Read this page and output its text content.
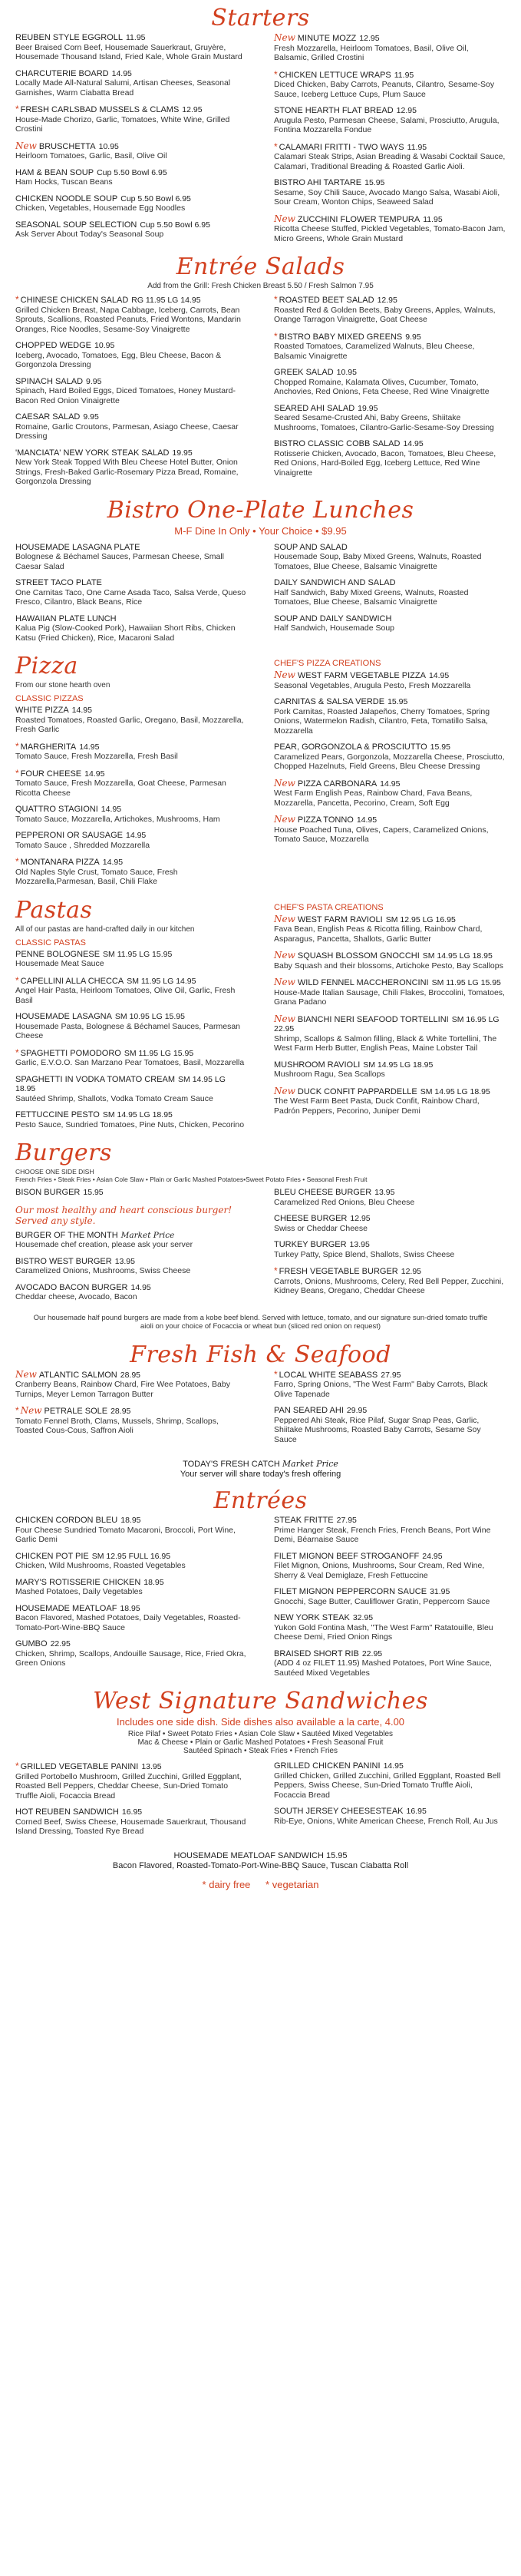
Starters
REUBEN STYLE EGGROLL 11.95
Beer Braised Corn Beef, Housemade Sauerkraut, Gruyère, Housemade Thousand Island, Fried Kale, Whole Grain Mustard
CHARCUTERIE BOARD 14.95
Locally Made All-Natural Salumi, Artisan Cheeses, Seasonal Garnishes, Warm Ciabatta Bread
* FRESH CARLSBAD MUSSELS & CLAMS 12.95
House-Made Chorizo, Garlic, Tomatoes, White Wine, Grilled Crostini
New BRUSCHETTA 10.95
Heirloom Tomatoes, Garlic, Basil, Olive Oil
HAM & BEAN SOUP Cup 5.50 Bowl 6.95
Ham Hocks, Tuscan Beans
CHICKEN NOODLE SOUP Cup 5.50 Bowl 6.95
Chicken, Vegetables, Housemade Egg Noodles
SEASONAL SOUP SELECTION Cup 5.50 Bowl 6.95
Ask Server About Today's Seasonal Soup
New MINUTE MOZZ 12.95
Fresh Mozzarella, Heirloom Tomatoes, Basil, Olive Oil, Balsamic, Grilled Crostini
* CHICKEN LETTUCE WRAPS 11.95
Diced Chicken, Baby Carrots, Peanuts, Cilantro, Sesame-Soy Sauce, Iceberg Lettuce Cups, Plum Sauce
STONE HEARTH FLAT BREAD 12.95
Arugula Pesto, Parmesan Cheese, Salami, Prosciutto, Arugula, Fontina Mozzarella Fondue
* CALAMARI FRITTI - TWO WAYS 11.95
Calamari Steak Strips, Asian Breading & Wasabi Cocktail Sauce, Calamari, Traditional Breading & Roasted Garlic Aioli.
BISTRO AHI TARTARE 15.95
Sesame, Soy Chili Sauce, Avocado Mango Salsa, Wasabi Aioli, Sour Cream, Wonton Chips, Seaweed Salad
New ZUCCHINI FLOWER TEMPURA 11.95
Ricotta Cheese Stuffed, Pickled Vegetables, Tomato-Bacon Jam, Micro Greens, Whole Grain Mustard
Entrée Salads
Add from the Grill: Fresh Chicken Breast 5.50 / Fresh Salmon 7.95
* CHINESE CHICKEN SALAD RG 11.95 LG 14.95
Grilled Chicken Breast, Napa Cabbage, Iceberg, Carrots, Bean Sprouts, Scallions, Roasted Peanuts, Fried Wontons, Mandarin Oranges, Rice Noodles, Sesame-Soy Vinaigrette
CHOPPED WEDGE 10.95
Iceberg, Avocado, Tomatoes, Egg, Bleu Cheese, Bacon & Gorgonzola Dressing
SPINACH SALAD 9.95
Spinach, Hard Boiled Eggs, Diced Tomatoes, Honey Mustard-Bacon Red Onion Vinaigrette
CAESAR SALAD 9.95
Romaine, Garlic Croutons, Parmesan, Asiago Cheese, Caesar Dressing
'MANCIATA' NEW YORK STEAK SALAD 19.95
New York Steak Topped With Bleu Cheese Hotel Butter, Onion Strings, Fresh-Baked Garlic-Rosemary Pizza Bread, Romaine, Gorgonzola Dressing
* ROASTED BEET SALAD 12.95
Roasted Red & Golden Beets, Baby Greens, Apples, Walnuts, Orange Tarragon Vinaigrette, Goat Cheese
* BISTRO BABY MIXED GREENS 9.95
Roasted Tomatoes, Caramelized Walnuts, Bleu Cheese, Balsamic Vinaigrette
GREEK SALAD 10.95
Chopped Romaine, Kalamata Olives, Cucumber, Tomato, Anchovies, Red Onions, Feta Cheese, Red Wine Vinaigrette
SEARED AHI SALAD 19.95
Seared Sesame-Crusted Ahi, Baby Greens, Shiitake Mushrooms, Tomatoes, Cilantro-Garlic-Sesame-Soy Dressing
BISTRO CLASSIC COBB SALAD 14.95
Rotisserie Chicken, Avocado, Bacon, Tomatoes, Bleu Cheese, Red Onions, Hard-Boiled Egg, Iceberg Lettuce, Red Wine Vinaigrette
Bistro One-Plate Lunches
M-F Dine In Only • Your Choice • $9.95
HOUSEMADE LASAGNA PLATE
Bolognese & Béchamel Sauces, Parmesan Cheese, Small Caesar Salad
STREET TACO PLATE
One Carnitas Taco, One Carne Asada Taco, Salsa Verde, Queso Fresco, Cilantro, Black Beans, Rice
HAWAIIAN PLATE LUNCH
Kalua Pig (Slow-Cooked Pork), Hawaiian Short Ribs, Chicken Katsu (Fried Chicken), Rice, Macaroni Salad
SOUP AND SALAD
Housemade Soup, Baby Mixed Greens, Walnuts, Roasted Tomatoes, Blue Cheese, Balsamic Vinaigrette
DAILY SANDWICH AND SALAD
Half Sandwich, Baby Mixed Greens, Walnuts, Roasted Tomatoes, Blue Cheese, Balsamic Vinaigrette
SOUP AND DAILY SANDWICH
Half Sandwich, Housemade Soup
Pizza
From our stone hearth oven
CLASSIC PIZZAS
WHITE PIZZA 14.95
Roasted Tomatoes, Roasted Garlic, Oregano, Basil, Mozzarella, Fresh Garlic
* MARGHERITA 14.95
Tomato Sauce, Fresh Mozzarella, Fresh Basil
* FOUR CHEESE 14.95
Tomato Sauce, Fresh Mozzarella, Goat Cheese, Parmesan Ricotta Cheese
QUATTRO STAGIONI 14.95
Tomato Sauce, Mozzarella, Artichokes, Mushrooms, Ham
PEPPERONI OR SAUSAGE 14.95
Tomato Sauce , Shredded Mozzarella
* MONTANARA PIZZA 14.95
Old Naples Style Crust, Tomato Sauce, Fresh Mozzarella,Parmesan, Basil, Chili Flake
CHEF'S PIZZA CREATIONS
New WEST FARM VEGETABLE PIZZA 14.95
Seasonal Vegetables, Arugula Pesto, Fresh Mozzarella
CARNITAS & SALSA VERDE 15.95
Pork Carnitas, Roasted Jalapeños, Cherry Tomatoes, Spring Onions, Watermelon Radish, Cilantro, Feta, Tomatillo Salsa, Mozzarella
PEAR, GORGONZOLA & PROSCIUTTO 15.95
Caramelized Pears, Gorgonzola, Mozzarella Cheese, Prosciutto, Chopped Hazelnuts, Field Greens, Bleu Cheese Dressing
New PIZZA CARBONARA 14.95
West Farm English Peas, Rainbow Chard, Fava Beans, Mozzarella, Pancetta, Pecorino, Cream, Soft Egg
New PIZZA TONNO 14.95
House Poached Tuna, Olives, Capers, Caramelized Onions, Tomato Sauce, Mozzarella
Pastas
All of our pastas are hand-crafted daily in our kitchen
CLASSIC PASTAS
PENNE BOLOGNESE SM 11.95 LG 15.95
Housemade Meat Sauce
* CAPELLINI ALLA CHECCA SM 11.95 LG 14.95
Angel Hair Pasta, Heirloom Tomatoes, Olive Oil, Garlic, Fresh Basil
HOUSEMADE LASAGNA SM 10.95 LG 15.95
Housemade Pasta, Bolognese & Béchamel Sauces, Parmesan Cheese
* SPAGHETTI POMODORO SM 11.95 LG 15.95
Garlic, E.V.O.O. San Marzano Pear Tomatoes, Basil, Mozzarella
SPAGHETTI IN VODKA TOMATO CREAM SM 14.95 LG 18.95
Sautéed Shrimp, Shallots, Vodka Tomato Cream Sauce
FETTUCCINE PESTO SM 14.95 LG 18.95
Pesto Sauce, Sundried Tomatoes, Pine Nuts, Chicken, Pecorino
CHEF'S PASTA CREATIONS
New WEST FARM RAVIOLI SM 12.95 LG 16.95
Fava Bean, English Peas & Ricotta filling, Rainbow Chard, Asparagus, Pancetta, Shallots, Garlic Butter
New SQUASH BLOSSOM GNOCCHI SM 14.95 LG 18.95
Baby Squash and their blossoms, Artichoke Pesto, Bay Scallops
New WILD FENNEL MACCHERONCINI SM 11.95 LG 15.95
House-Made Italian Sausage, Chili Flakes, Broccolini, Tomatoes, Grana Padano
New BIANCHI NERI SEAFOOD TORTELLINI SM 16.95 LG 22.95
Shrimp, Scallops & Salmon filling, Black & White Tortellini, The West Farm Herb Butter, English Peas, Maine Lobster Tail
MUSHROOM RAVIOLI SM 14.95 LG 18.95
Mushroom Ragu, Sea Scallops
New DUCK CONFIT PAPPARDELLE SM 14.95 LG 18.95
The West Farm Beet Pasta, Duck Confit, Rainbow Chard, Padrón Peppers, Pecorino, Juniper Demi
Burgers
CHOOSE ONE SIDE DISH
French Fries • Steak Fries • Asian Cole Slaw • Plain or Garlic Mashed Potatoes•Sweet Potato Fries • Seasonal Fresh Fruit
BISON BURGER 15.95
Our most healthy and heart conscious burger!
Served any style.
BURGER OF THE MONTH Market Price
Housemade chef creation, please ask your server
BISTRO WEST BURGER 13.95
Caramelized Onions, Mushrooms, Swiss Cheese
AVOCADO BACON BURGER 14.95
Cheddar cheese, Avocado, Bacon
BLEU CHEESE BURGER 13.95
Caramelized Red Onions, Bleu Cheese
CHEESE BURGER 12.95
Swiss or Cheddar Cheese
TURKEY BURGER 13.95
Turkey Patty, Spice Blend, Shallots, Swiss Cheese
* FRESH VEGETABLE BURGER 12.95
Carrots, Onions, Mushrooms, Celery, Red Bell Pepper, Zucchini, Kidney Beans, Oregano, Cheddar Cheese
Our housemade half pound burgers are made from a kobe beef blend. Served with lettuce, tomato, and our signature sun-dried tomato truffle aioli on your choice of Focaccia or wheat bun (sliced red onion on request)
Fresh Fish & Seafood
New ATLANTIC SALMON 28.95
Cranberry Beans, Rainbow Chard, Fire Wee Potatoes, Baby Turnips, Meyer Lemon Tarragon Butter
* New PETRALE SOLE 28.95
Tomato Fennel Broth, Clams, Mussels, Shrimp, Scallops, Toasted Cous-Cous, Saffron Aioli
* LOCAL WHITE SEABASS 27.95
Farro, Spring Onions, "The West Farm" Baby Carrots, Black Olive Tapenade
PAN SEARED AHI 29.95
Peppered Ahi Steak, Rice Pilaf, Sugar Snap Peas, Garlic, Shiitake Mushrooms, Roasted Baby Carrots, Sesame Soy Sauce
TODAY'S FRESH CATCH Market Price
Your server will share today's fresh offering
Entrées
CHICKEN CORDON BLEU 18.95
Four Cheese Sundried Tomato Macaroni, Broccoli, Port Wine, Garlic Demi
CHICKEN POT PIE SM 12.95 FULL 16.95
Chicken, Wild Mushrooms, Roasted Vegetables
MARY'S ROTISSERIE CHICKEN 18.95
Mashed Potatoes, Daily Vegetables
HOUSEMADE MEATLOAF 18.95
Bacon Flavored, Mashed Potatoes, Daily Vegetables, Roasted-Tomato-Port-Wine-BBQ Sauce
GUMBO 22.95
Chicken, Shrimp, Scallops, Andouille Sausage, Rice, Fried Okra, Green Onions
STEAK FRITTE 27.95
Prime Hanger Steak, French Fries, French Beans, Port Wine Demi, Béarnaise Sauce
FILET MIGNON BEEF STROGANOFF 24.95
Filet Mignon, Onions, Mushrooms, Sour Cream, Red Wine, Sherry & Veal Demiglaze, Fresh Fettuccine
FILET MIGNON PEPPERCORN SAUCE 31.95
Gnocchi, Sage Butter, Cauliflower Gratin, Peppercorn Sauce
NEW YORK STEAK 32.95
Yukon Gold Fontina Mash, "The West Farm" Ratatouille, Bleu Cheese Demi, Fried Onion Rings
BRAISED SHORT RIB 22.95
(ADD 4 oz FILET 11.95) Mashed Potatoes, Port Wine Sauce, Sautéed Mixed Vegetables
West Signature Sandwiches
Includes one side dish. Side dishes also available a la carte, 4.00
Rice Pilaf • Sweet Potato Fries • Asian Cole Slaw • Sautéed Mixed Vegetables
Mac & Cheese • Plain or Garlic Mashed Potatoes • Fresh Seasonal Fruit
Sautéed Spinach • Steak Fries • French Fries
* GRILLED VEGETABLE PANINI 13.95
Grilled Portobello Mushroom, Grilled Zucchini, Grilled Eggplant, Roasted Bell Peppers, Cheddar Cheese, Sun-Dried Tomato Truffle Aioli, Focaccia Bread
HOT REUBEN SANDWICH 16.95
Corned Beef, Swiss Cheese, Housemade Sauerkraut, Thousand Island Dressing, Toasted Rye Bread
GRILLED CHICKEN PANINI 14.95
Grilled Chicken, Grilled Zucchini, Grilled Eggplant, Roasted Bell Peppers, Swiss Cheese, Sun-Dried Tomato Truffle Aioli, Focaccia Bread
SOUTH JERSEY CHEESESTEAK 16.95
Rib-Eye, Onions, White American Cheese, French Roll, Au Jus
HOUSEMADE MEATLOAF SANDWICH 15.95
Bacon Flavored, Roasted-Tomato-Port-Wine-BBQ Sauce, Tuscan Ciabatta Roll
* dairy free * vegetarian
